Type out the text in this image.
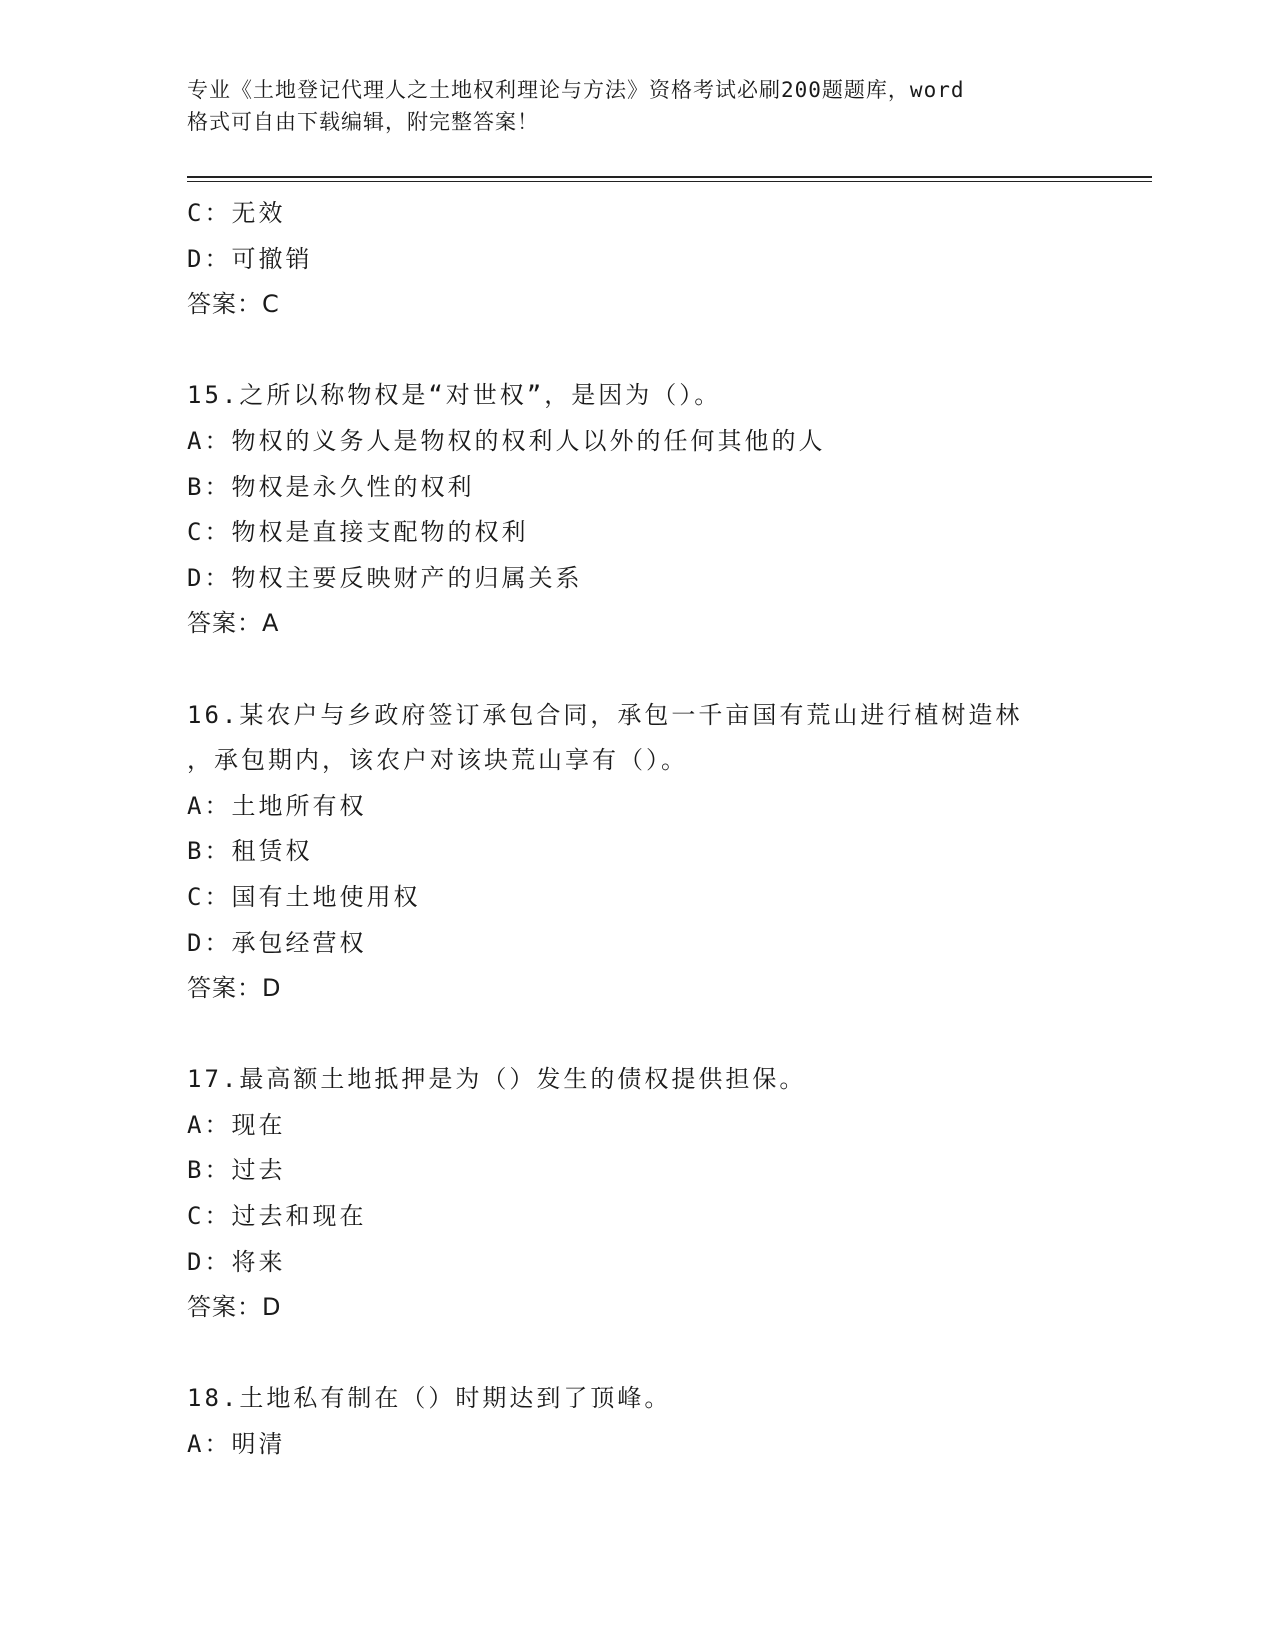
专业《土地登记代理人之土地权利理论与方法》资格考试必刷200题题库，word
格式可自由下载编辑，附完整答案！
C：无效
D：可撤销
答案：C
15.之所以称物权是“对世权”，是因为（）。
A：物权的义务人是物权的权利人以外的任何其他的人
B：物权是永久性的权利
C：物权是直接支配物的权利
D：物权主要反映财产的归属关系
答案：A
16.某农户与乡政府签订承包合同，承包一千亩国有荒山进行植树造林
，承包期内，该农户对该块荒山享有（）。
A：土地所有权
B：租赁权
C：国有土地使用权
D：承包经营权
答案：D
17.最高额土地抵押是为（）发生的债权提供担保。
A：现在
B：过去
C：过去和现在
D：将来
答案：D
18.土地私有制在（）时期达到了顶峰。
A：明清
